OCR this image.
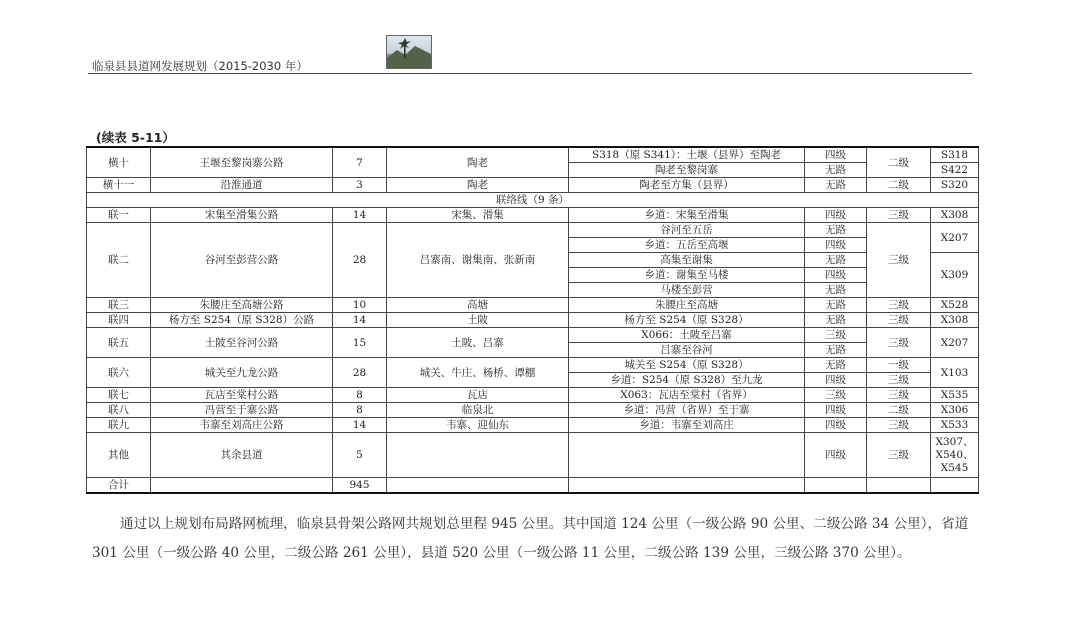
临泉县县道网发展规划（2015-2030 年）
(续表 5-11）
横十	王堰至黎岗寨公路	7	陶老	S318（原 S341）：土堰（县界）至陶老	四级	二级	S318
				陶老至黎岗寨	无路		S422
横十一	沿淮通道	3	陶老	陶老至方集（县界）	无路	二级	S320
联络线（9 条）							
联一	宋集至滑集公路	14	宋集、滑集	乡道：宋集至滑集	四级	三级	X308
联二	谷河至彭营公路	28	吕寨南、谢集南、张新南	谷河至五岳	无路	三级	X207
				乡道：五岳至高堰	四级		
				高集至谢集	无路		X309
				乡道：谢集至马楼	四级		
				马楼至彭营	无路		
联三	朱腰庄至高塘公路	10	高塘	朱腰庄至高塘	无路	三级	X528
联四	杨方至 S254（原 S328）公路	14	土陂	杨方至 S254（原 S328）	无路	三级	X308
联五	土陂至谷河公路	15	土陂、吕寨	X066：土陂至吕寨	三级	三级	X207
				吕寨至谷河	无路		
联六	城关至九龙公路	28	城关、牛庄、杨桥、谭棚	城关至 S254（原 S328）	无路	一级	X103
				乡道：S254（原 S328）至九龙	四级	三级	
联七	瓦店至棠村公路	8	瓦店	X063：瓦店至棠村（省界）	三级	三级	X535
联八	冯营至于寨公路	8	临泉北	乡道：冯营（省界）至于寨	四级	二级	X306
联九	韦寨至刘高庄公路	14	韦寨、迎仙东	乡道：韦寨至刘高庄	四级	三级	X533
其他	其余县道	5			四级	三级	X307、
X540、
X545

合计		945					
通过以上规划布局路网梳理，临泉县骨架公路网共规划总里程 945 公里。其中国道 124 公里（一级公路 90 公里、二级公路 34 公里），省道 301 公里（一级公路 40 公里，二级公路 261 公里），县道 520 公里（一级公路 11 公里，二级公路 139 公里，三级公路 370 公里）。
